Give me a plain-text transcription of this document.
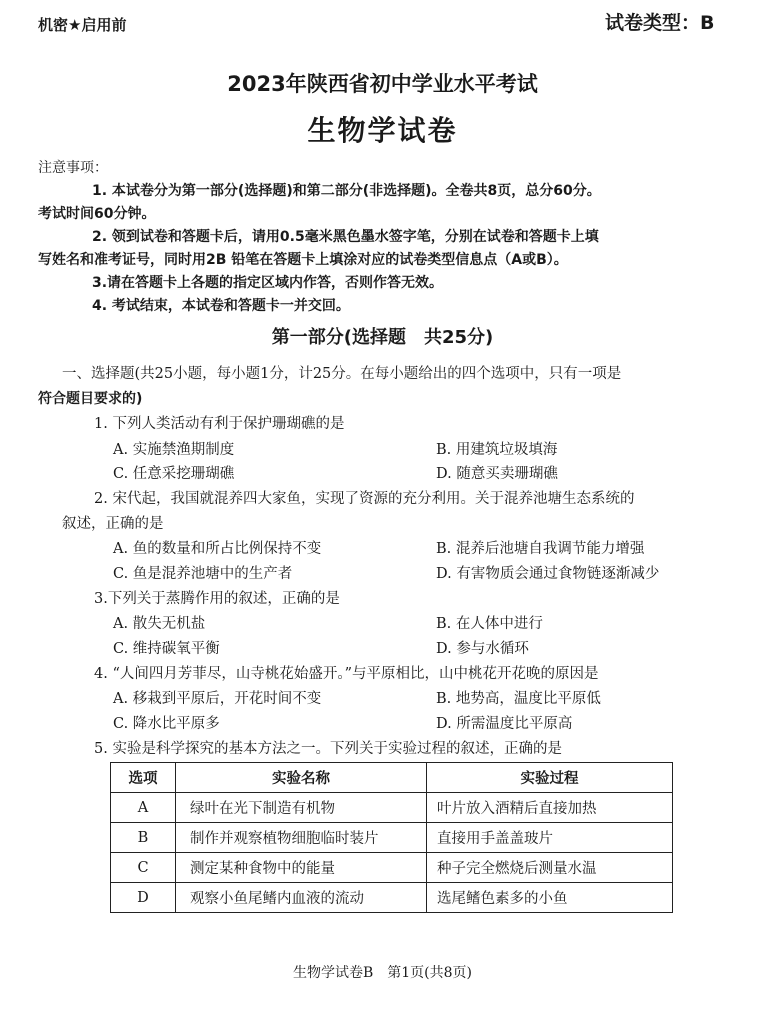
机密★启用前	试卷类型：B
2023年陕西省初中学业水平考试
生物学试卷
注意事项：
1. 本试卷分为第一部分(选择题)和第二部分(非选择题)。全卷共8页，总分60分。
考试时间60分钟。
2. 领到试卷和答题卡后，请用0.5毫米黑色墨水签字笔，分别在试卷和答题卡上填
写姓名和准考证号，同时用2B 铅笔在答题卡上填涂对应的试卷类型信息点（A或B）。
3.请在答题卡上各题的指定区域内作答，否则作答无效。
4. 考试结束，本试卷和答题卡一并交回。
第一部分(选择题　共25分)
一、选择题(共25小题，每小题1分，计25分。在每小题给出的四个选项中，只有一项是
符合题目要求的)
1. 下列人类活动有利于保护珊瑚礁的是
A. 实施禁渔期制度	B. 用建筑垃圾填海
C. 任意采挖珊瑚礁	D. 随意买卖珊瑚礁
2. 宋代起，我国就混养四大家鱼，实现了资源的充分利用。关于混养池塘生态系统的
叙述，正确的是
A. 鱼的数量和所占比例保持不变	B. 混养后池塘自我调节能力增强
C. 鱼是混养池塘中的生产者	D. 有害物质会通过食物链逐渐减少
3.下列关于蒸腾作用的叙述，正确的是
A. 散失无机盐	B. 在人体中进行
C. 维持碳氧平衡	D. 参与水循环
4. “人间四月芳菲尽，山寺桃花始盛开。”与平原相比，山中桃花开花晚的原因是
A. 移栽到平原后，开花时间不变	B. 地势高，温度比平原低
C. 降水比平原多	D. 所需温度比平原高
5. 实验是科学探究的基本方法之一。下列关于实验过程的叙述，正确的是
选项	实验名称	实验过程
A	绿叶在光下制造有机物	叶片放入酒精后直接加热
B	制作并观察植物细胞临时装片	直接用手盖盖玻片
C	测定某种食物中的能量	种子完全燃烧后测量水温
D	观察小鱼尾鳍内血液的流动	选尾鳍色素多的小鱼
生物学试卷B　第1页(共8页)
